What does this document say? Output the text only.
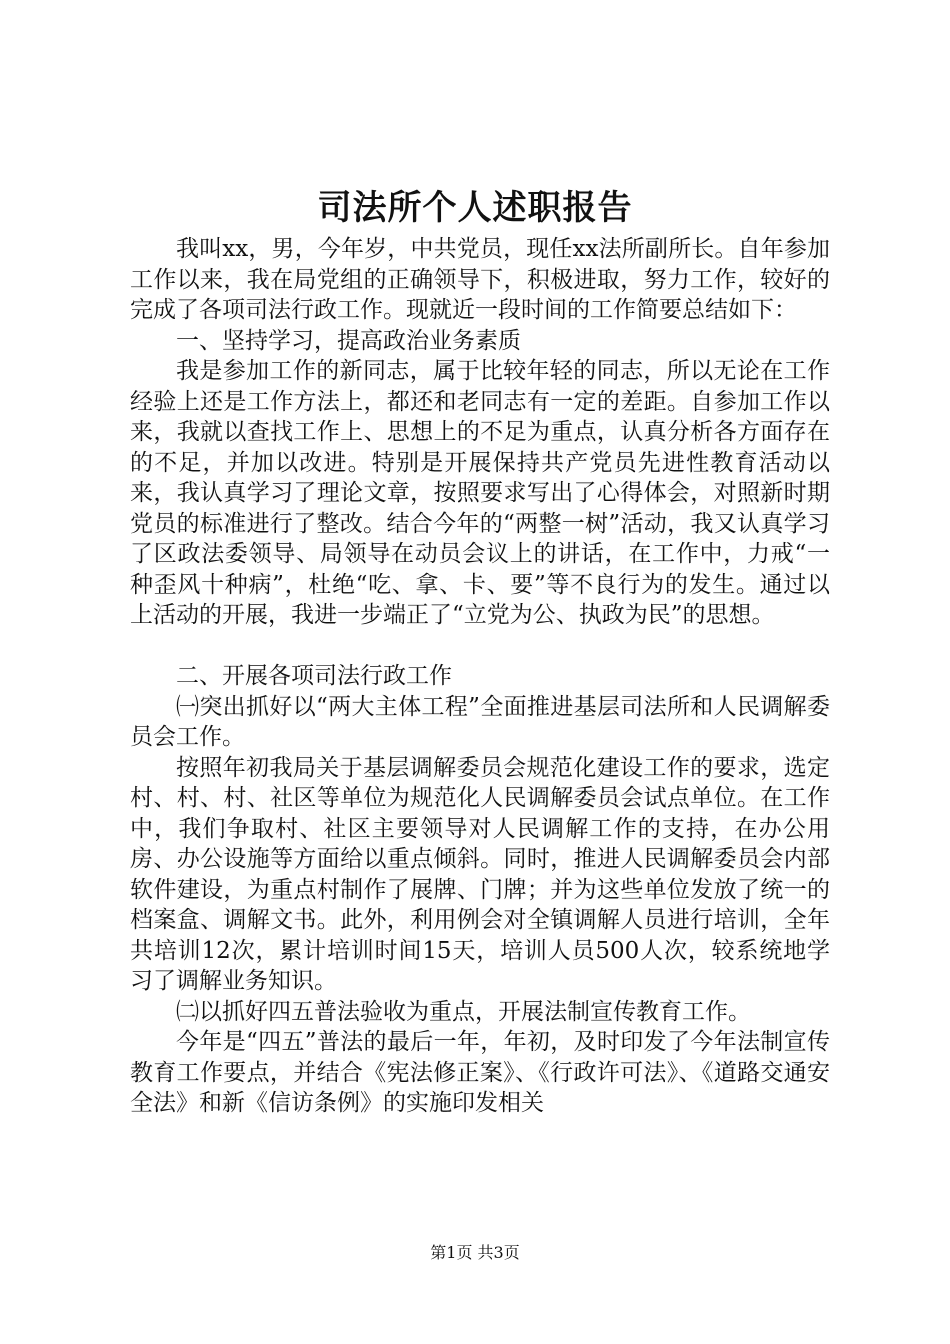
司法所个人述职报告

我叫xx，男，今年岁，中共党员，现任xx法所副所长。自年参加工作以来，我在局党组的正确领导下，积极进取，努力工作，较好的完成了各项司法行政工作。现就近一段时间的工作简要总结如下：

一、坚持学习，提高政治业务素质

我是参加工作的新同志，属于比较年轻的同志，所以无论在工作经验上还是工作方法上，都还和老同志有一定的差距。自参加工作以来，我就以查找工作上、思想上的不足为重点，认真分析各方面存在的不足，并加以改进。特别是开展保持共产党员先进性教育活动以来，我认真学习了理论文章，按照要求写出了心得体会，对照新时期党员的标准进行了整改。结合今年的“两整一树”活动，我又认真学习了区政法委领导、局领导在动员会议上的讲话，在工作中，力戒“一种歪风十种病”，杜绝“吃、拿、卡、要”等不良行为的发生。通过以上活动的开展，我进一步端正了“立党为公、执政为民”的思想。

二、开展各项司法行政工作

㈠突出抓好以“两大主体工程”全面推进基层司法所和人民调解委员会工作。

按照年初我局关于基层调解委员会规范化建设工作的要求，选定村、村、村、社区等单位为规范化人民调解委员会试点单位。在工作中，我们争取村、社区主要领导对人民调解工作的支持，在办公用房、办公设施等方面给以重点倾斜。同时，推进人民调解委员会内部软件建设，为重点村制作了展牌、门牌；并为这些单位发放了统一的档案盒、调解文书。此外，利用例会对全镇调解人员进行培训，全年共培训12次，累计培训时间15天，培训人员500人次，较系统地学习了调解业务知识。

㈡以抓好四五普法验收为重点，开展法制宣传教育工作。

今年是“四五”普法的最后一年，年初，及时印发了今年法制宣传教育工作要点，并结合《宪法修正案》、《行政许可法》、《道路交通安全法》和新《信访条例》的实施印发相关

第1页 共3页
